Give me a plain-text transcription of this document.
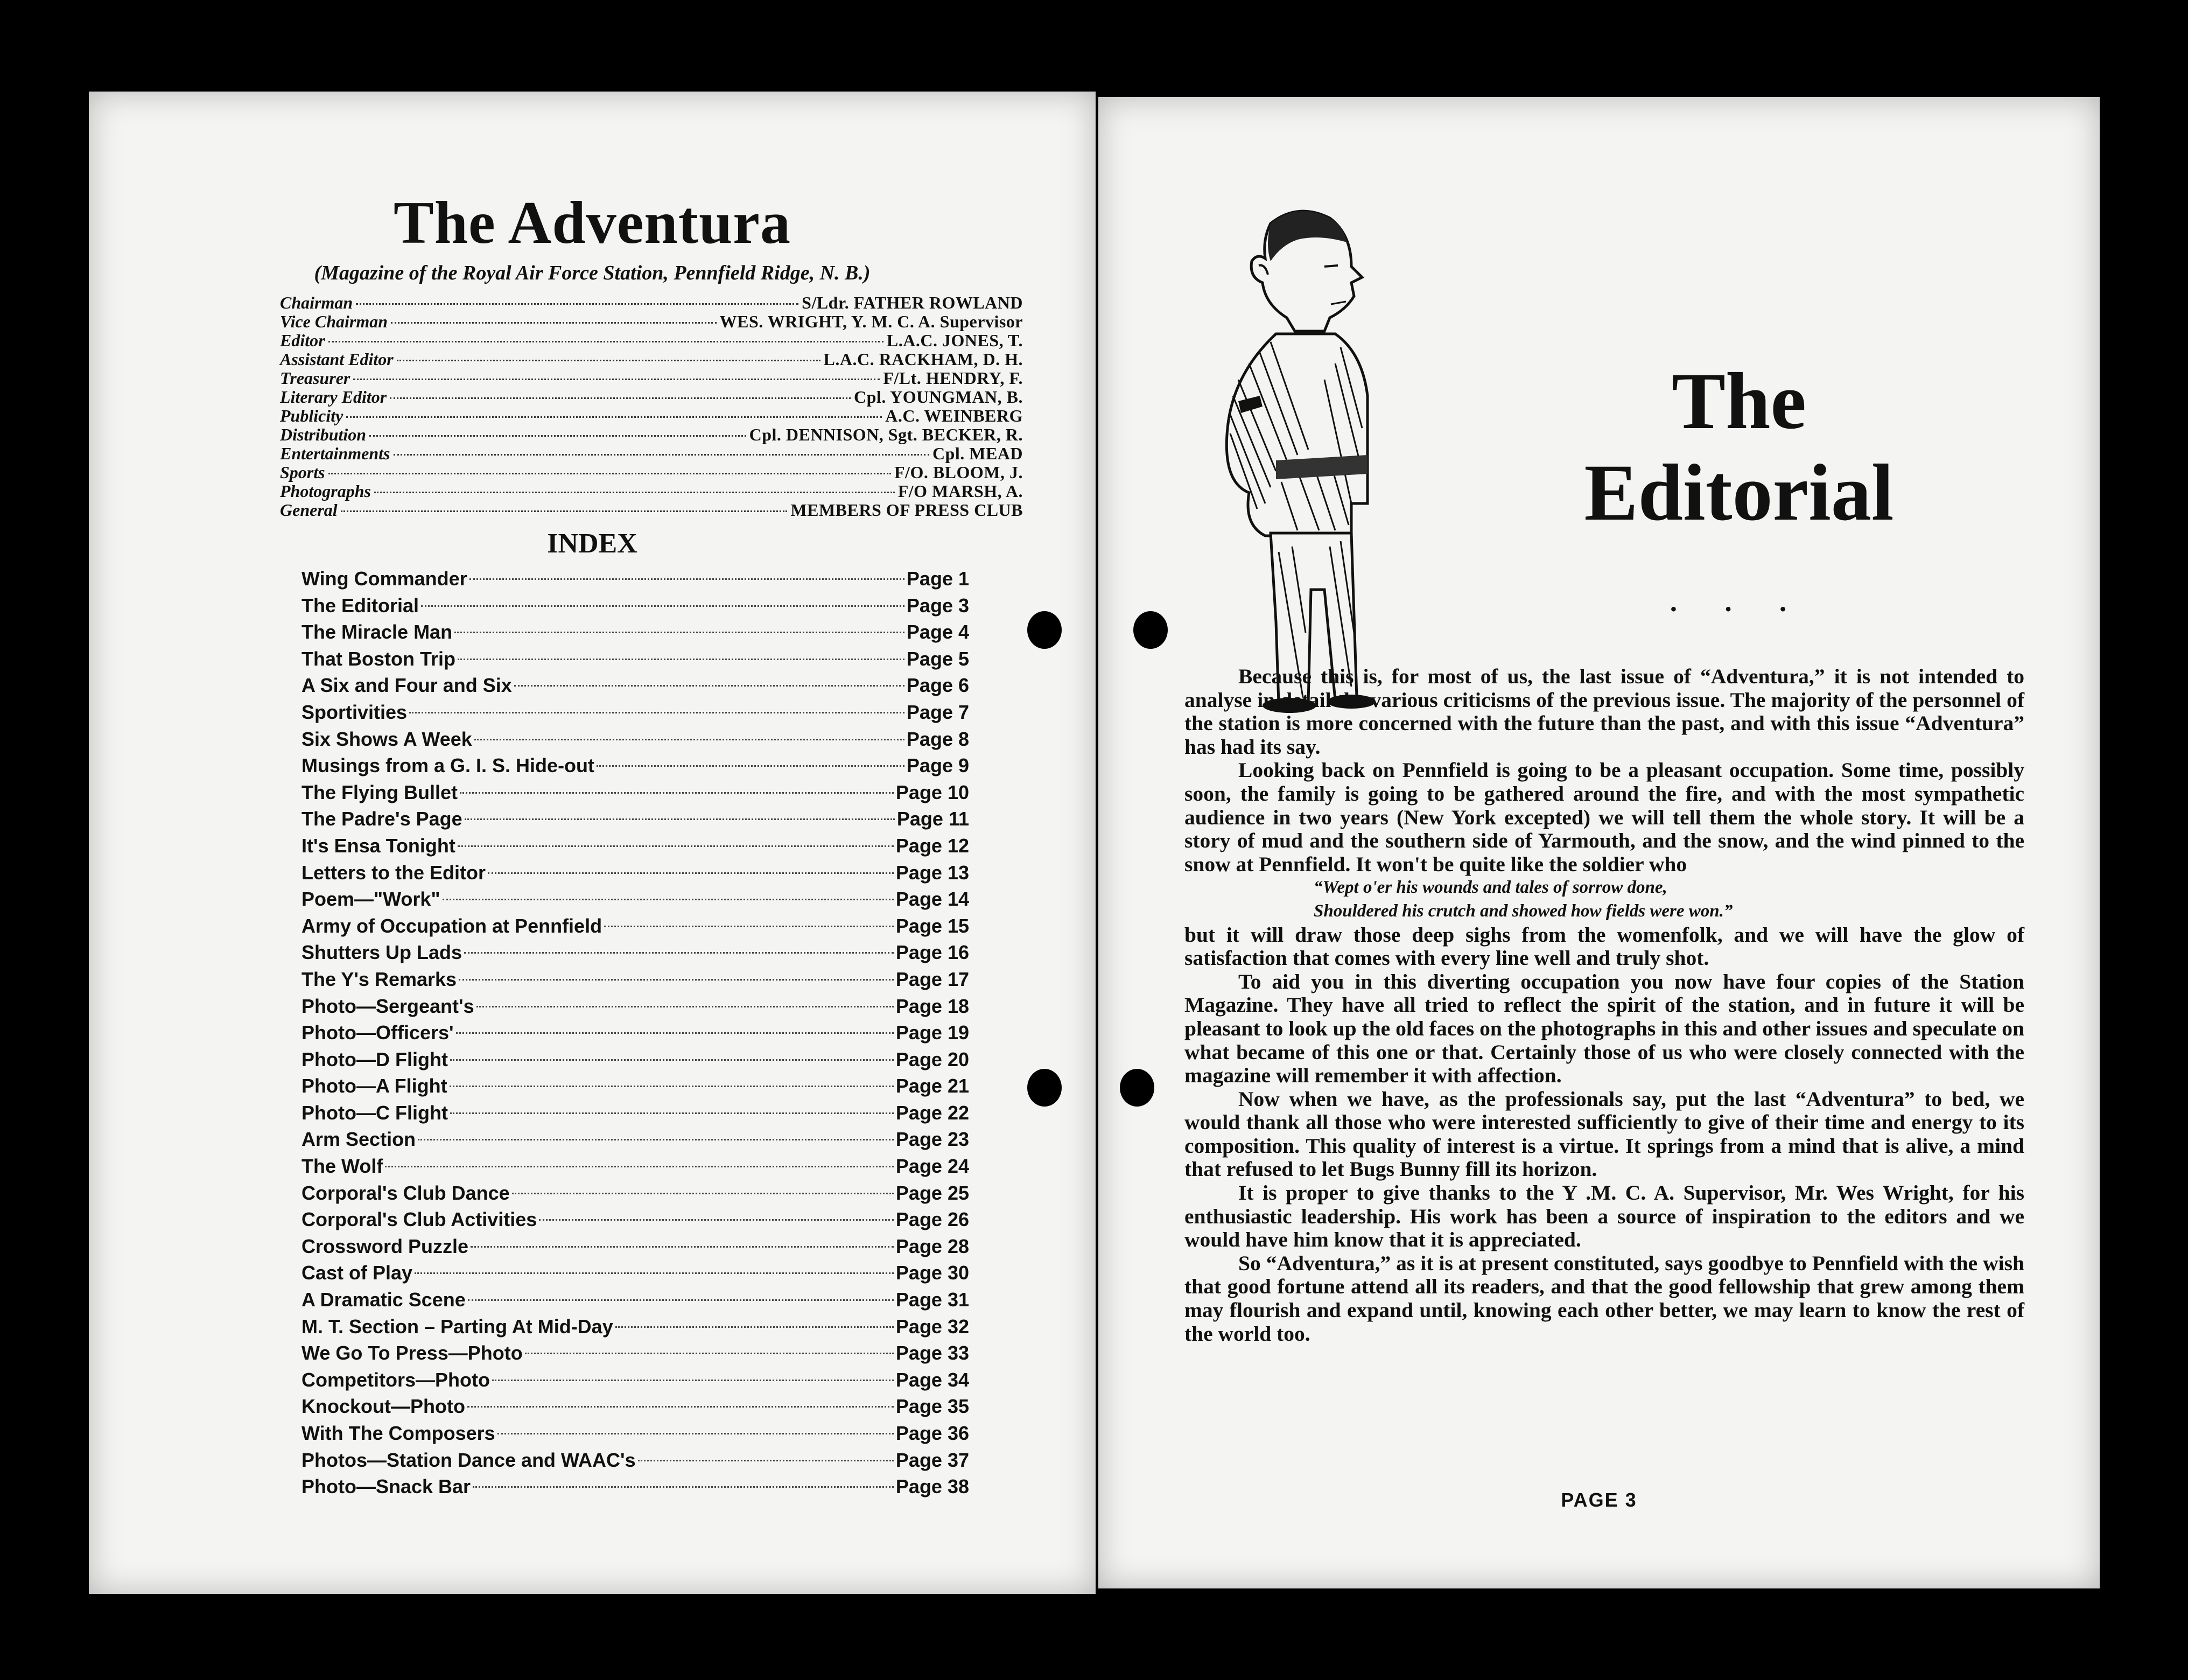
The Adventura
(Magazine of the Royal Air Force Station, Pennfield Ridge, N. B.)
Chairman	S/Ldr. FATHER ROWLAND
Vice Chairman	WES. WRIGHT, Y. M. C. A. Supervisor
Editor	L.A.C. JONES, T.
Assistant Editor	L.A.C. RACKHAM, D. H.
Treasurer	F/Lt. HENDRY, F.
Literary Editor	Cpl. YOUNGMAN, B.
Publicity	A.C. WEINBERG
Distribution	Cpl. DENNISON, Sgt. BECKER, R.
Entertainments	Cpl. MEAD
Sports	F/O. BLOOM, J.
Photographs	F/O MARSH, A.
General	MEMBERS OF PRESS CLUB
INDEX
Wing Commander	Page 1
The Editorial	Page 3
The Miracle Man	Page 4
That Boston Trip	Page 5
A Six and Four and Six	Page 6
Sportivities	Page 7
Six Shows A Week	Page 8
Musings from a G. I. S. Hide-out	Page 9
The Flying Bullet	Page 10
The Padre's Page	Page 11
It's Ensa Tonight	Page 12
Letters to the Editor	Page 13
Poem—"Work"	Page 14
Army of Occupation at Pennfield	Page 15
Shutters Up Lads	Page 16
The Y's Remarks	Page 17
Photo—Sergeant's	Page 18
Photo—Officers'	Page 19
Photo—D Flight	Page 20
Photo—A Flight	Page 21
Photo—C Flight	Page 22
Arm Section	Page 23
The Wolf	Page 24
Corporal's Club Dance	Page 25
Corporal's Club Activities	Page 26
Crossword Puzzle	Page 28
Cast of Play	Page 30
A Dramatic Scene	Page 31
M. T. Section – Parting At Mid-Day	Page 32
We Go To Press—Photo	Page 33
Competitors—Photo	Page 34
Knockout—Photo	Page 35
With The Composers	Page 36
Photos—Station Dance and WAAC's	Page 37
Photo—Snack Bar	Page 38
The
Editorial
• • •

Because this is, for most of us, the last issue of “Adventura,” it is not intended to analyse in detail the various criticisms of the previous issue. The majority of the personnel of the station is more concerned with the future than the past, and with this issue “Adventura” has had its say.

Looking back on Pennfield is going to be a pleasant occupation. Some time, possibly soon, the family is going to be gathered around the fire, and with the most sympathetic audience in two years (New York excepted) we will tell them the whole story. It will be a story of mud and the southern side of Yarmouth, and the snow, and the wind pinned to the snow at Pennfield. It won't be quite like the soldier who

“Wept o'er his wounds and tales of sorrow done,

Shouldered his crutch and showed how fields were won.”

but it will draw those deep sighs from the womenfolk, and we will have the glow of satisfaction that comes with every line well and truly shot.

To aid you in this diverting occupation you now have four copies of the Station Magazine. They have all tried to reflect the spirit of the station, and in future it will be pleasant to look up the old faces on the photographs in this and other issues and speculate on what became of this one or that. Certainly those of us who were closely connected with the magazine will remember it with affection.

Now when we have, as the professionals say, put the last “Adventura” to bed, we would thank all those who were interested sufficiently to give of their time and energy to its composition. This quality of interest is a virtue. It springs from a mind that is alive, a mind that refused to let Bugs Bunny fill its horizon.

It is proper to give thanks to the Y .M. C. A. Supervisor, Mr. Wes Wright, for his enthusiastic leadership. His work has been a source of inspiration to the editors and we would have him know that it is appreciated.

So “Adventura,” as it is at present constituted, says goodbye to Pennfield with the wish that good fortune attend all its readers, and that the good fellowship that grew among them may flourish and expand until, knowing each other better, we may learn to know the rest of the world too.

PAGE 3
